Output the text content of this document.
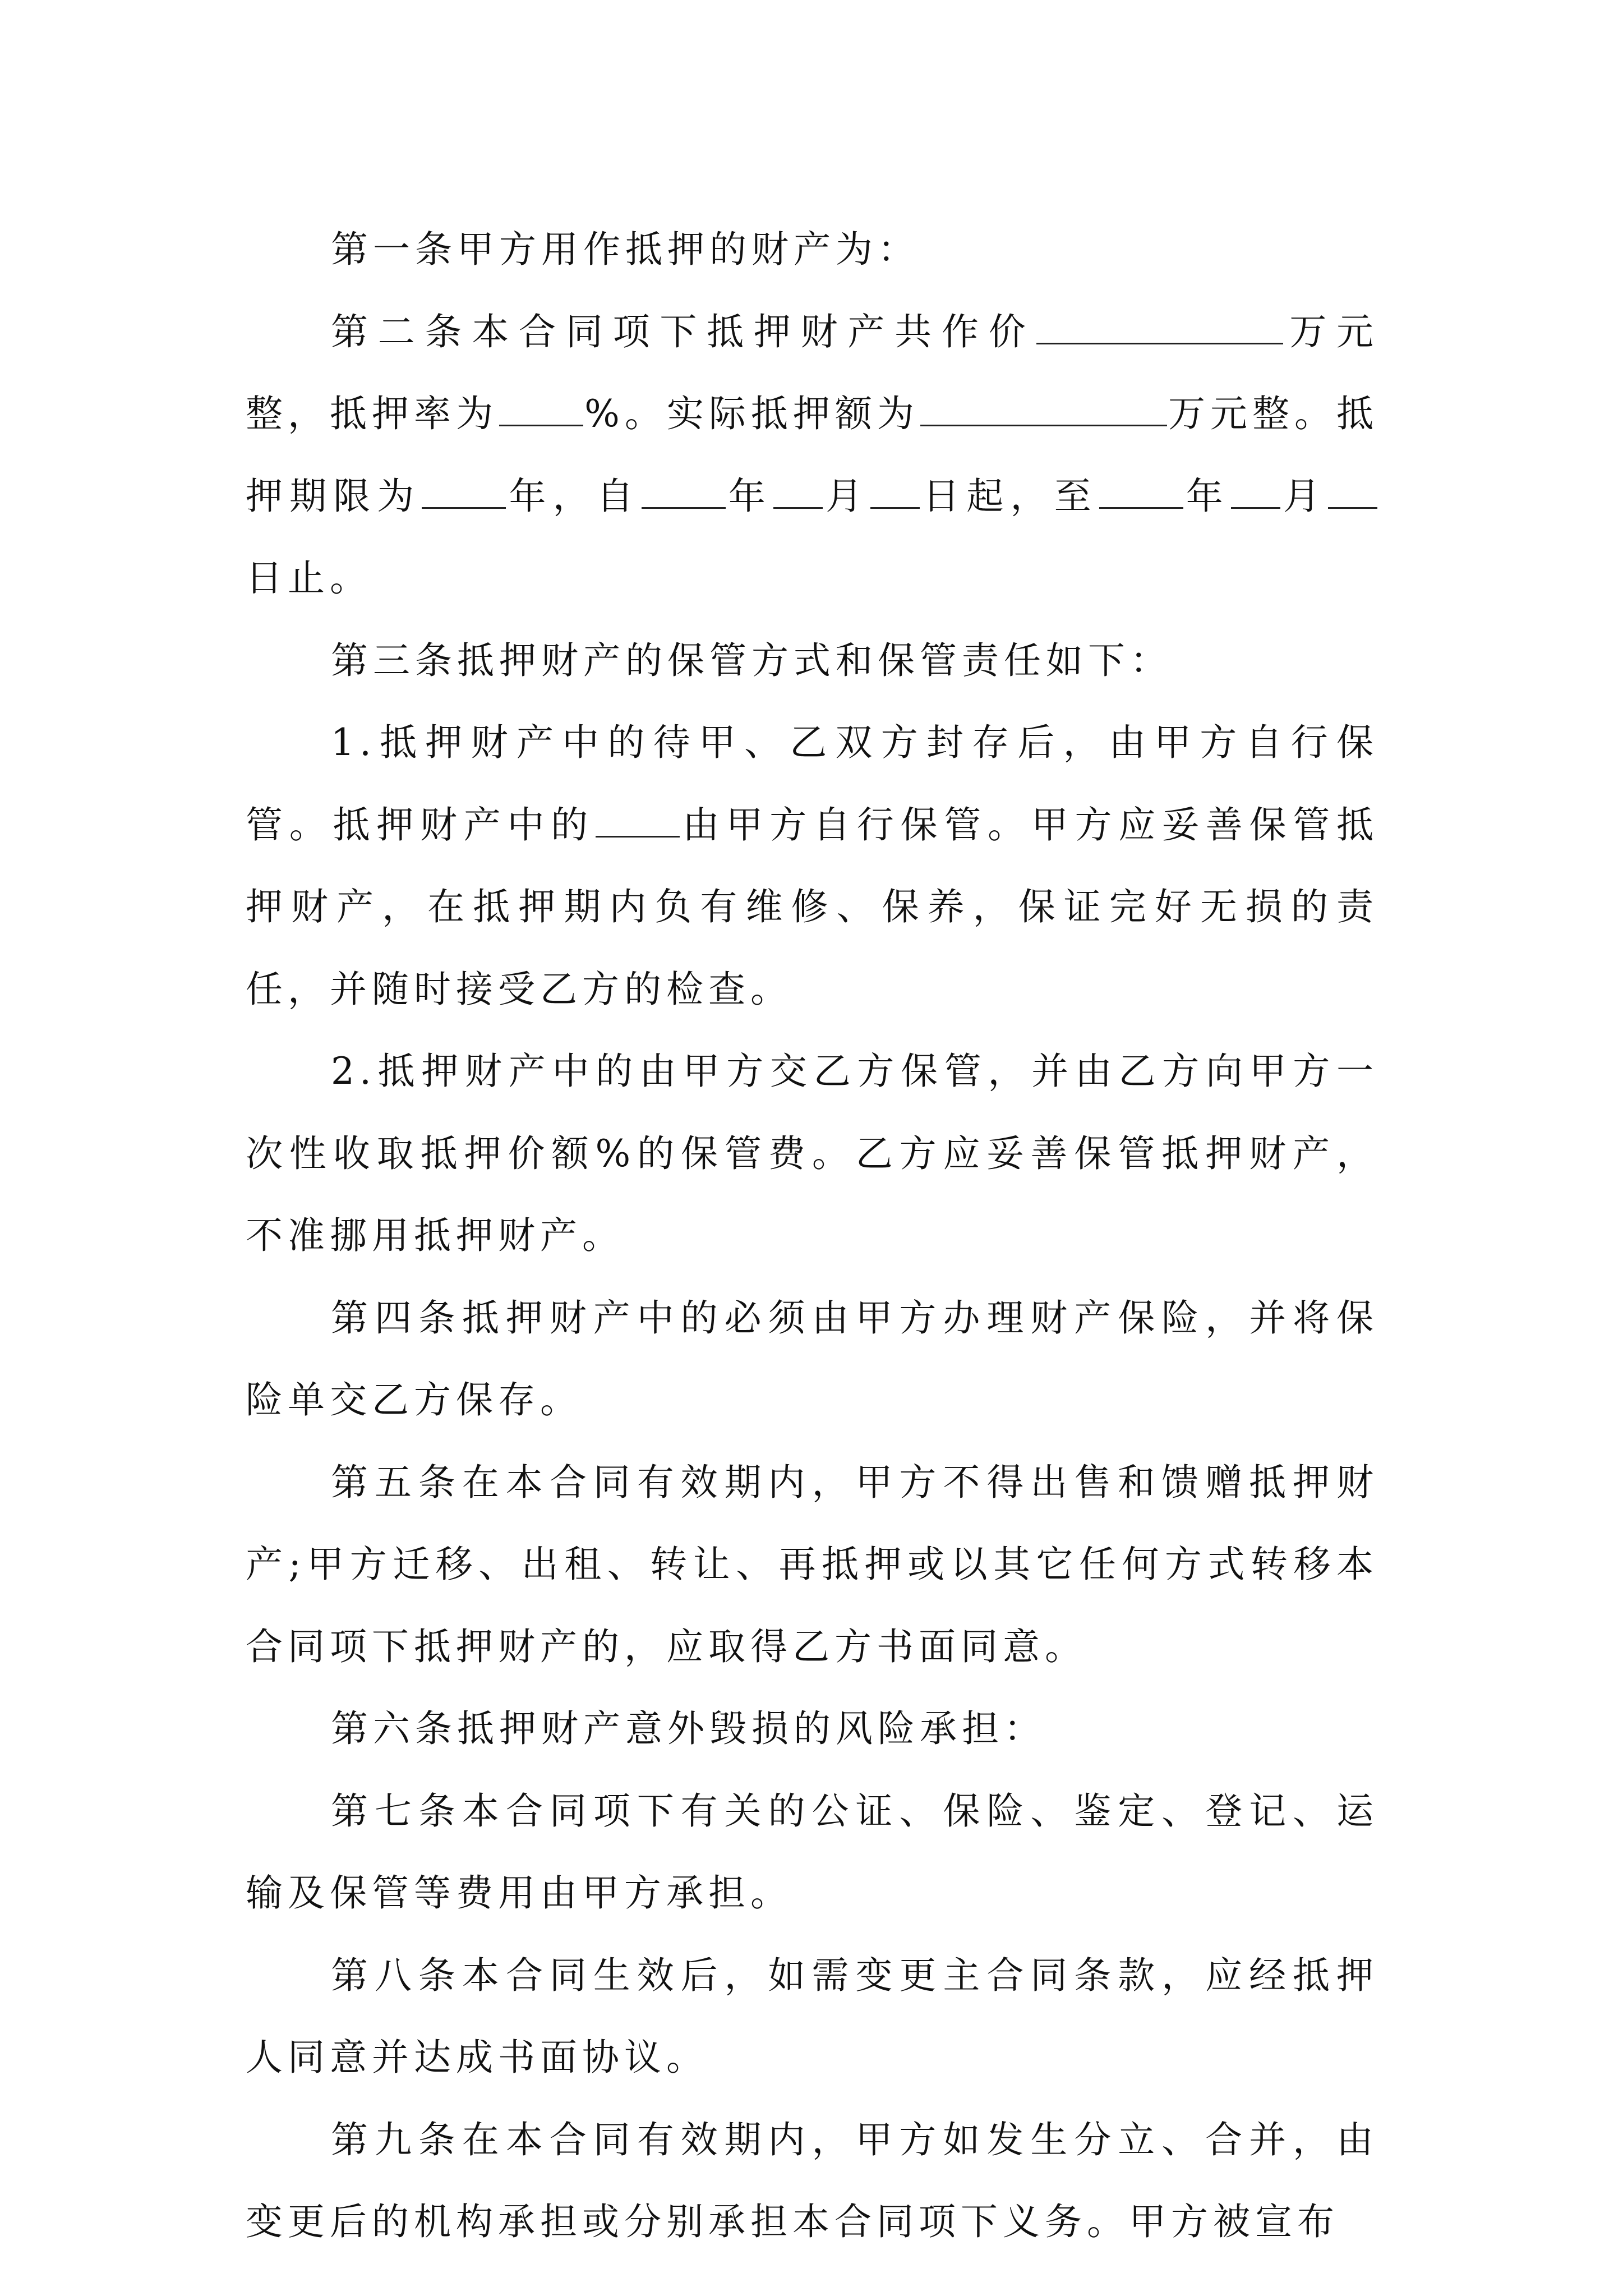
第一条甲方用作抵押的财产为：

第二条本合同项下抵押财产共作价	万元整，抵押率为 %。实际抵押额为	万元整。抵押期限为 年，自 年 月 日起，至 年 月日止。

第三条抵押财产的保管方式和保管责任如下：

1.抵押财产中的待甲、乙双方封存后，由甲方自行保管。抵押财产中的 由甲方自行保管。甲方应妥善保管抵押财产，在抵押期内负有维修、保养，保证完好无损的责任，并随时接受乙方的检查。

2.抵押财产中的由甲方交乙方保管，并由乙方向甲方一次性收取抵押价额%的保管费。乙方应妥善保管抵押财产，不准挪用抵押财产。

第四条抵押财产中的必须由甲方办理财产保险，并将保险单交乙方保存。

第五条在本合同有效期内，甲方不得出售和馈赠抵押财产;甲方迁移、出租、转让、再抵押或以其它任何方式转移本合同项下抵押财产的，应取得乙方书面同意。

第六条抵押财产意外毁损的风险承担：

第七条本合同项下有关的公证、保险、鉴定、登记、运输及保管等费用由甲方承担。

第八条本合同生效后，如需变更主合同条款，应经抵押人同意并达成书面协议。

第九条在本合同有效期内，甲方如发生分立、合并，由变更后的机构承担或分别承担本合同项下义务。甲方被宣布
